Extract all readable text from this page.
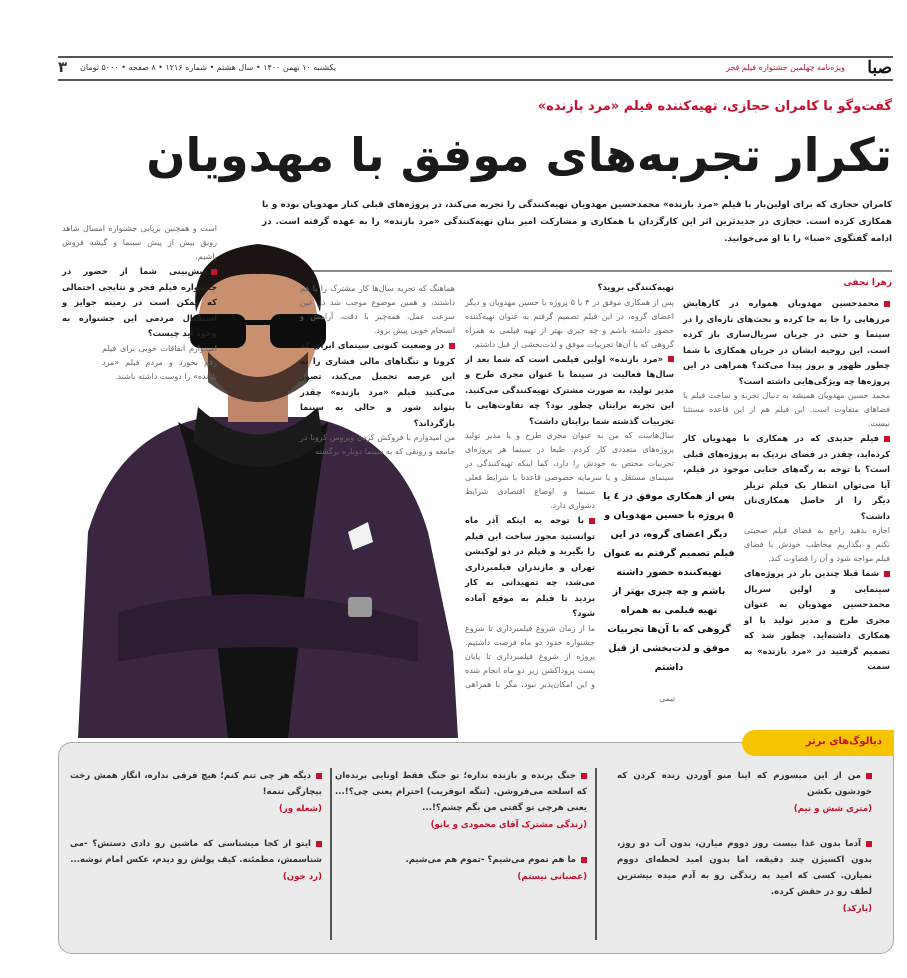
صبا
ویژه‌نامه چهلمین جشنواره فیلم فجر
یکشنبه ۱۰ بهمن ۱۴۰۰ • سال هشتم • شماره ۱۲۱۶ • ۸ صفحه • ۵۰۰۰ تومان
۳
گفت‌وگو با کامران حجازی، تهیه‌کننده فیلم «مرد بازنده»
تکرار تجربه‌های موفق با مهدویان
کامران حجازی که برای اولین‌بار با فیلم «مرد بازنده» محمدحسین مهدویان تهیه‌کنندگی را تجربه می‌کند، در پروژه‌های قبلی کنار مهدویان بوده و با همکاری کرده است. حجازی در جدیدترین اثر این کارگردان با همکاری و مشارکت امیر بنان تهیه‌کنندگی «مرد بازنده» را به عهده گرفته است. در ادامه گفتگوی «صبا» را با او می‌خوانید.
زهرا نجفی

محمدحسین مهدویان همواره در کارهایش مرزهایی را جا به جا کرده و بحث‌های تازه‌ای را در سینما و حتی در جریان سریال‌سازی باز کرده است. این روحیه ایشان در جریان همکاری با شما چطور ظهور و بروز پیدا می‌کند؟ همراهی در این پروژه‌ها چه ویژگی‌هایی داشته است؟

محمد حسین مهدویان همیشه به دنبال تجربه و ساخت فیلم با فضاهای متفاوت است. این فیلم هم از این قاعده مستثنا نیست.

فیلم جدیدی که در همکاری با مهدویان کار کرده‌اید، چقدر در فضای نزدیک به پروژه‌های قبلی است؟ با توجه به رگه‌های جنایی موجود در فیلم، آیا می‌توان انتظار یک فیلم تریلر دیگر را از حاصل همکاری‌تان داشت؟

اجازه بدهید راجع به فضای فیلم صحبتی نکنم و بگذاریم مخاطب خودش با فضای فیلم مواجه شود و آن را قضاوت کند.

شما قبلا چندین بار در پروژه‌های سینمایی و اولین سریال محمدحسین مهدویان به عنوان مجری طرح و مدیر تولید با او همکاری داشته‌اید. چطور شد که تصمیم گرفتید در «مرد بازنده» به سمت

تهیه‌کنندگی بروید؟

پس از همکاری موفق در ۴ یا ۵ پروژه با حسین مهدویان و دیگر اعضای گروه، در این فیلم تصمیم گرفتم به عنوان تهیه‌کننده حضور داشته باشم و چه چیزی بهتر از تهیه فیلمی به همراه گروهی که با آن‌ها تجربیات موفق و لذت‌بخشی از قبل داشتم.

«مرد بازنده» اولین فیلمی است که شما بعد از سال‌ها فعالیت در سینما با عنوان مجری طرح و مدیر تولید، به صورت مشترک تهیه‌کنندگی می‌کنید. این تجربه برایتان چطور بود؟ چه تفاوت‌هایی با تجربیات گذشته شما برایتان داشت؟

سال‌هاست که من به عنوان مجری طرح و یا مدیر تولید پروژه‌های متعددی کار کردم. طبعا در سینما هر پروژه‌ای تجربیات مختص به خودش را دارد، کما اینکه تهیه‌کنندگی در سینمای مستقل و با سرمایه خصوصی قاعدتا با شرایط فعلی سینما و اوضاع اقتصادی شرایط دشواری دارد.

با توجه به اینکه آذر ماه توانستید مجوز ساخت این فیلم را بگیرید و فیلم در دو لوکیشن تهران و مازندران فیلمبرداری می‌شد، چه تمهیداتی به کار بردید تا فیلم به موقع آماده شود؟

ما از زمان شروع فیلمبرداری تا شروع جشنواره حدود دو ماه فرصت داشتیم. پروژه از شروع فیلمبرداری تا پایان پست پروداکشن زیر دو ماه انجام شده و این امکان‌پذیر نبود، مگر با همراهی تیمی

پس از همکاری موفق در ٤ یا ٥ پروژه با حسین مهدویان و دیگر اعضای گروه، در این فیلم تصمیم گرفتم به عنوان تهیه‌کننده حضور داشته باشم و چه چیزی بهتر از تهیه فیلمی به همراه گروهی که با آن‌ها تجربیات موفق و لذت‌بخشی از قبل داشتم

هماهنگ که تجربه سال‌ها کار مشترک را با هم داشتند، و همین موضوع موجب شد در عین سرعت عمل، همه‌چیز با دقت، آرامش و انسجام خوبی پیش برود.

در وضعیت کنونی سینمای ایران که کرونا و تنگناهای مالی فشاری را به این عرصه تحمیل می‌کند، تصور می‌کنید فیلم «مرد بازنده» چقدر بتواند شور و حالی به سینما بازگرداند؟

من امیدوارم با فروکش کردن ویروس کرونا در جامعه و رونقی که به سینما دوباره برگشته

است و همچنین برپایی جشنواره امسال شاهد رونق بیش از پیش سینما و گیشه فروش باشیم.

پیش‌بینی شما از حضور در جشنواره فیلم فجر و نتایجی احتمالی که ممکن است در زمینه جوایز و استقبال مردمی این جشنواره به وجود آید چیست؟

امیدوارم اتفاقات خوبی برای فیلم رقم بخورد و مردم فیلم «مرد بازنده» را دوست داشته باشند.

دیالوگ‌های برتر

من از این میسوزم که اینا منو آوردن زنده کردن که خودشون بکشن

(متری شش و نیم)

آدما بدون غذا بیست روز دووم میارن، بدون آب دو روز، بدون اکسیژن چند دقیقه، اما بدون امید لحظه‌ای دووم نمیارن. کسی که امید به زندگی رو به آدم میده بیشترین لطف رو در حقش کرده.

(بارکد)

جنگ برنده و بازنده نداره؛ تو جنگ فقط اونایی برنده‌ان که اسلحه می‌فروشن. (تنگه ابوقریب) احترام یعنی چی؟!... یعنی هرچی تو گفتی من بگم چشم؟!...

(زندگی مشترک آقای محمودی و بانو)

ما هم تموم می‌شیم؟ -تموم هم می‌شیم.

(عصبانی نیستم)

دیگه هر چی تنم کنم؛ هیچ فرقی نداره، انگار همش رخت بیچارگی تنمه!

(شعله ور)

اینو از کجا میشناسی که ماشین رو دادی دستش؟ -می شناسمش، مطمئنه. کیف پولش رو دیدم، عکس امام توشه...

(رد خون)
